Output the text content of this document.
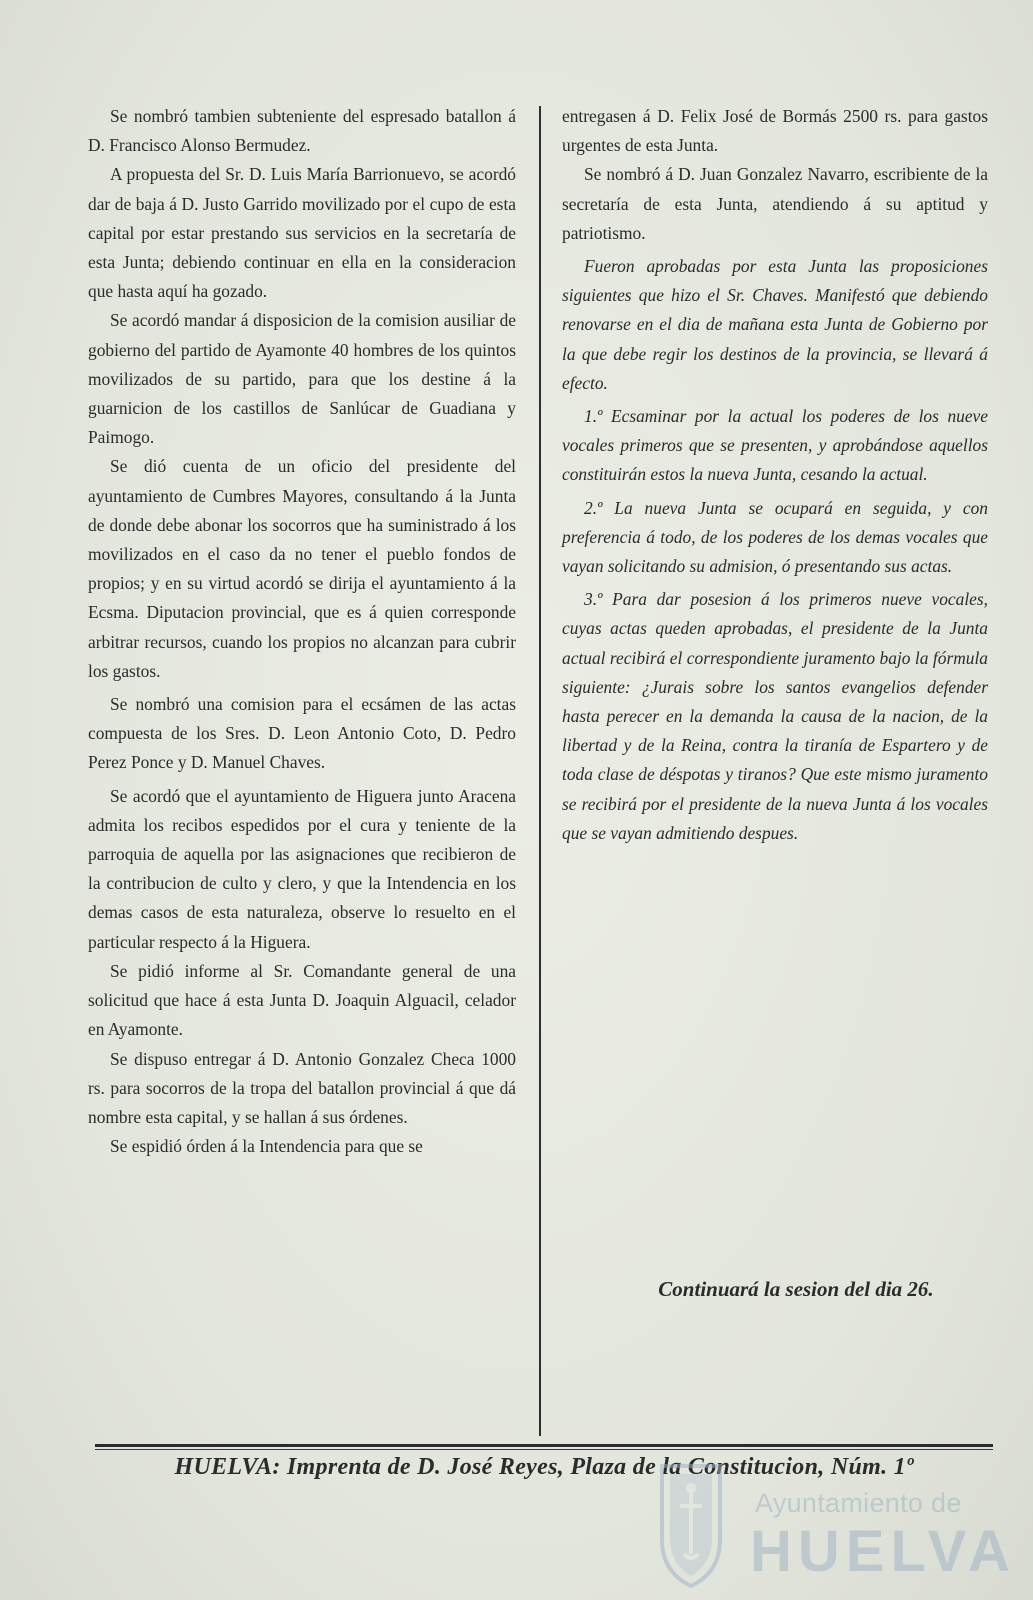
Se nombró tambien subteniente del espresado batallon á D. Francisco Alonso Bermudez.

A propuesta del Sr. D. Luis María Barrionuevo, se acordó dar de baja á D. Justo Garrido movilizado por el cupo de esta capital por estar prestando sus servicios en la secretaría de esta Junta; debiendo continuar en ella en la consideracion que hasta aquí ha gozado.

Se acordó mandar á disposicion de la comision ausiliar de gobierno del partido de Ayamonte 40 hombres de los quintos movilizados de su partido, para que los destine á la guarnicion de los castillos de Sanlúcar de Guadiana y Paimogo.

Se dió cuenta de un oficio del presidente del ayuntamiento de Cumbres Mayores, consultando á la Junta de donde debe abonar los socorros que ha suministrado á los movilizados en el caso da no tener el pueblo fondos de propios; y en su virtud acordó se dirija el ayuntamiento á la Ecsma. Diputacion provincial, que es á quien corresponde arbitrar recursos, cuando los propios no alcanzan para cubrir los gastos.

Se nombró una comision para el ecsámen de las actas compuesta de los Sres. D. Leon Antonio Coto, D. Pedro Perez Ponce y D. Manuel Chaves.

Se acordó que el ayuntamiento de Higuera junto Aracena admita los recibos espedidos por el cura y teniente de la parroquia de aquella por las asignaciones que recibieron de la contribucion de culto y clero, y que la Intendencia en los demas casos de esta naturaleza, observe lo resuelto en el particular respecto á la Higuera.

Se pidió informe al Sr. Comandante general de una solicitud que hace á esta Junta D. Joaquin Alguacil, celador en Ayamonte.

Se dispuso entregar á D. Antonio Gonzalez Checa 1000 rs. para socorros de la tropa del batallon provincial á que dá nombre esta capital, y se hallan á sus órdenes.

Se espidió órden á la Intendencia para que se

entregasen á D. Felix José de Bormás 2500 rs. para gastos urgentes de esta Junta.

Se nombró á D. Juan Gonzalez Navarro, escribiente de la secretaría de esta Junta, atendiendo á su aptitud y patriotismo.

Fueron aprobadas por esta Junta las proposiciones siguientes que hizo el Sr. Chaves. Manifestó que debiendo renovarse en el dia de mañana esta Junta de Gobierno por la que debe regir los destinos de la provincia, se llevará á efecto.

1.º Ecsaminar por la actual los poderes de los nueve vocales primeros que se presenten, y aprobándose aquellos constituirán estos la nueva Junta, cesando la actual.

2.º La nueva Junta se ocupará en seguida, y con preferencia á todo, de los poderes de los demas vocales que vayan solicitando su admision, ó presentando sus actas.

3.º Para dar posesion á los primeros nueve vocales, cuyas actas queden aprobadas, el presidente de la Junta actual recibirá el correspondiente juramento bajo la fórmula siguiente: ¿Jurais sobre los santos evangelios defender hasta perecer en la demanda la causa de la nacion, de la libertad y de la Reina, contra la tiranía de Espartero y de toda clase de déspotas y tiranos? Que este mismo juramento se recibirá por el presidente de la nueva Junta á los vocales que se vayan admitiendo despues.

Continuará la sesion del dia 26.
HUELVA: Imprenta de D. José Reyes, Plaza de la Constitucion, Núm. 1º
Ayuntamiento de
HUELVA
